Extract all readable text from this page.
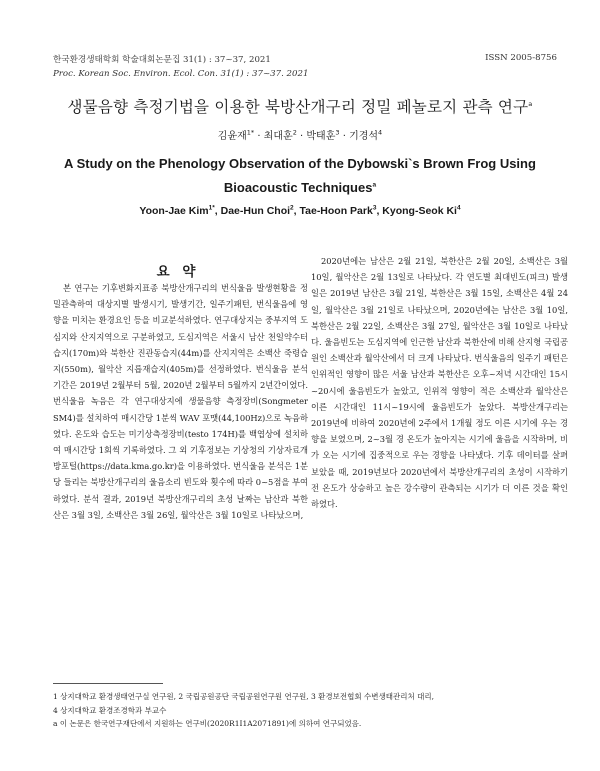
한국환경생태학회 학술대회논문집 31(1) : 37~37, 2021
Proc. Korean Soc. Environ. Ecol. Con. 31(1) : 37~37. 2021
ISSN 2005-8756
생물음향 측정기법을 이용한 북방산개구리 정밀 페놀로지 관측 연구$^a$
김윤재$^{1*}$ · 최대훈$^2$ · 박태훈$^3$ · 기경석$^4$
A Study on the Phenology Observation of the Dybowski`s Brown Frog Using Bioacoustic Techniques$^a$
Yoon-Jae Kim$^{1*}$, Dae-Hun Choi$^2$, Tae-Hoon Park$^3$, Kyong-Seok Ki$^4$
요 약

본 연구는 기후변화지표종 북방산개구리의 번식울음 발생현황을 정밀관측하여 대상지별 발생시기, 발생기간, 일주기패턴, 번식울음에 영향을 미치는 환경요인 등을 비교분석하였다. 연구대상지는 중부지역 도심지와 산지지역으로 구분하였고, 도심지역은 서울시 남산 천일약수터 습지(170m)와 북한산 진관동습지(44m)를 산지지역은 소백산 죽령습지(550m), 월악산 지릅재습지(405m)를 선정하였다. 번식울음 분석기간은 2019년 2월부터 5월, 2020년 2월부터 5월까지 2년간이었다. 번식울음 녹음은 각 연구대상지에 생물음향 측정장비(Songmeter SM4)를 설치하여 매시간당 1분씩 WAV 포맷(44,100Hz)으로 녹음하였다. 온도와 습도는 미기상측정장비(testo 174H)를 백엽상에 설치하여 매시간당 1회씩 기록하였다. 그 외 기후정보는 기상청의 기상자료개방포털(https://data.kma.go.kr)을 이용하였다. 번식울음 분석은 1분당 들리는 북방산개구리의 울음소리 빈도와 횟수에 따라 0~5점을 부여하였다. 분석 결과, 2019년 북방산개구리의 초성 날짜는 남산과 북한산은 3월 3일, 소백산은 3월 26일, 월악산은 3월 10일로 나타났으며,

2020년에는 남산은 2월 21일, 북한산은 2월 20일, 소백산은 3월 10일, 월악산은 2월 13일로 나타났다. 각 연도별 최대빈도(피크) 발생일은 2019년 남산은 3월 21일, 북한산은 3월 15일, 소백산은 4월 24일, 월악산은 3월 21일로 나타났으며, 2020년에는 남산은 3월 10일, 북한산은 2월 22일, 소백산은 3월 27일, 월악산은 3월 10일로 나타났다. 울음빈도는 도심지역에 인근한 남산과 북한산에 비해 산지형 국립공원인 소백산과 월악산에서 더 크게 나타났다. 번식울음의 일주기 패턴은 인위적인 영향이 많은 서울 남산과 북한산은 오후~저녁 시간대인 15시~20시에 울음빈도가 높았고, 인위적 영향이 적은 소백산과 월악산은 이른 시간대인 11시~19시에 울음빈도가 높았다. 북방산개구리는 2019년에 비하여 2020년에 2주에서 1개월 정도 이른 시기에 우는 경향을 보였으며, 2~3월 경 온도가 높아지는 시기에 울음을 시작하며, 비가 오는 시기에 집중적으로 우는 경향을 나타냈다. 기후 데이터를 살펴보았을 때, 2019년보다 2020년에서 북방산개구리의 초성이 시작하기 전 온도가 상승하고 높은 강수량이 관측되는 시기가 더 이른 것을 확인하였다.

1 상지대학교 환경생태연구실 연구원, 2 국립공원공단 국립공원연구원 연구원, 3 환경보전협회 수변생태관리처 대리,
4 상지대학교 환경조경학과 부교수
a 이 논문은 한국연구재단에서 지원하는 연구비(2020R1I1A2071891)에 의하여 연구되었음.
